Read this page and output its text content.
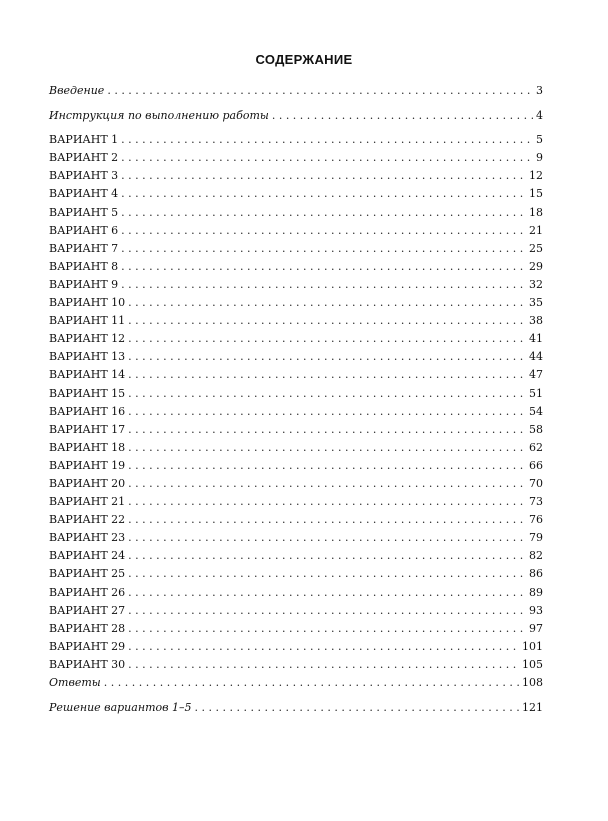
СОДЕРЖАНИЕ
Введение . . .	3
Инструкция по выполнению работы . . .	4
ВАРИАНТ 1 . . .	5
ВАРИАНТ 2 . . .	9
ВАРИАНТ 3 . . .	12
ВАРИАНТ 4 . . .	15
ВАРИАНТ 5 . . .	18
ВАРИАНТ 6 . . .	21
ВАРИАНТ 7 . . .	25
ВАРИАНТ 8 . . .	29
ВАРИАНТ 9 . . .	32
ВАРИАНТ 10 . . .	35
ВАРИАНТ 11 . . .	38
ВАРИАНТ 12 . . .	41
ВАРИАНТ 13 . . .	44
ВАРИАНТ 14 . . .	47
ВАРИАНТ 15 . . .	51
ВАРИАНТ 16 . . .	54
ВАРИАНТ 17 . . .	58
ВАРИАНТ 18 . . .	62
ВАРИАНТ 19 . . .	66
ВАРИАНТ 20 . . .	70
ВАРИАНТ 21 . . .	73
ВАРИАНТ 22 . . .	76
ВАРИАНТ 23 . . .	79
ВАРИАНТ 24 . . .	82
ВАРИАНТ 25 . . .	86
ВАРИАНТ 26 . . .	89
ВАРИАНТ 27 . . .	93
ВАРИАНТ 28 . . .	97
ВАРИАНТ 29 . . .	101
ВАРИАНТ 30 . . .	105
Ответы . . .	108
Решение вариантов 1–5 . . .	121
